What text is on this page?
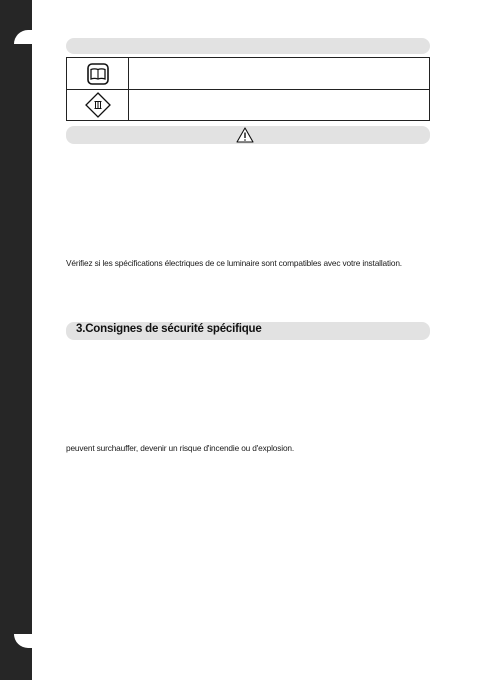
Vérifiez si les spécifications électriques de ce luminaire sont compatibles avec votre installation.
3.Consignes de sécurité spécifique
peuvent surchauffer, devenir un risque d'incendie ou d'explosion.
